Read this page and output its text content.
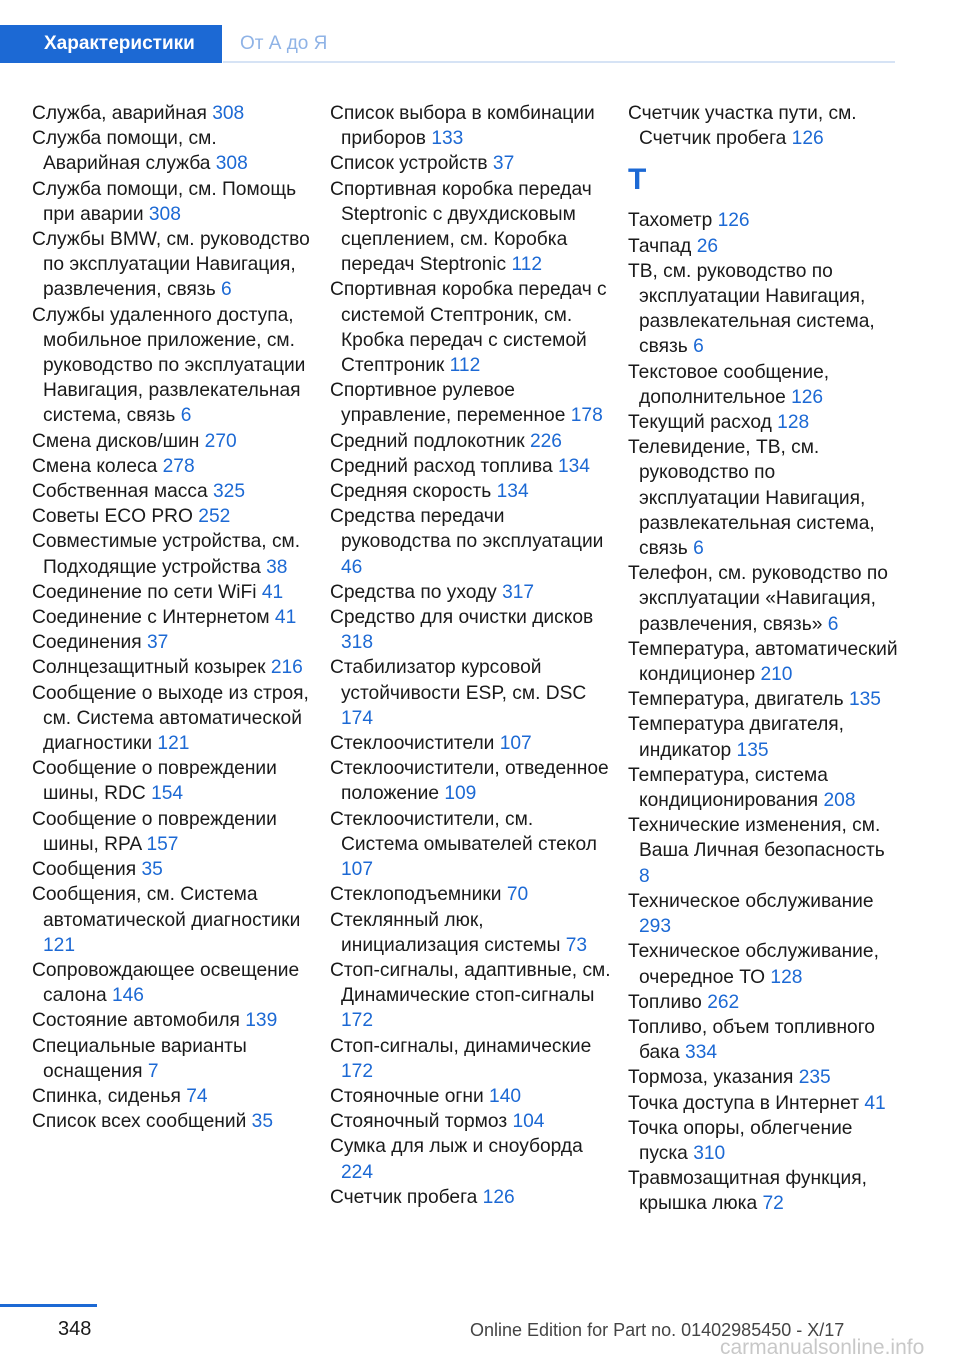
Характеристики	От А до Я

Служба, аварийная 308

Служба помощи, см. Аварийная служба 308

Служба помощи, см. Помощь при аварии 308

Службы BMW, см. руководство по эксплуатации Навигация, развлечения, связь 6

Службы удаленного доступа, мобильное приложение, см. руководство по эксплуатации Навигация, развлекательная система, связь 6

Смена дисков/шин 270

Смена колеса 278

Собственная масса 325

Советы ECO PRO 252

Совместимые устройства, см. Подходящие устройства 38

Соединение по сети WiFi 41

Соединение с Интернетом 41

Соединения 37

Солнцезащитный козырек 216

Сообщение о выходе из строя, см. Система автоматической диагностики 121

Сообщение о повреждении шины, RDC 154

Сообщение о повреждении шины, RPA 157

Сообщения 35

Сообщения, см. Система автоматической диагностики 121

Сопровождающее освещение салона 146

Состояние автомобиля 139

Специальные варианты оснащения 7

Спинка, сиденья 74

Список всех сообщений 35

Список выбора в комбинации приборов 133

Список устройств 37

Спортивная коробка передач Steptronic с двухдисковым сцеплением, см. Коробка передач Steptronic 112

Спортивная коробка передач с системой Стептроник, см. Кробка передач с системой Стептроник 112

Спортивное рулевое управление, переменное 178

Средний подлокотник 226

Средний расход топлива 134

Средняя скорость 134

Средства передачи руководства по эксплуатации 46

Средства по уходу 317

Средство для очистки дисков 318

Стабилизатор курсовой устойчивости ESP, см. DSC 174

Стеклоочистители 107

Стеклоочистители, отведенное положение 109

Стеклоочистители, см. Система омывателей стекол 107

Стеклоподъемники 70

Стеклянный люк, инициализация системы 73

Стоп-сигналы, адаптивные, см. Динамические стоп-сигналы 172

Стоп-сигналы, динамические 172

Стояночные огни 140

Стояночный тормоз 104

Сумка для лыж и сноуборда 224

Счетчик пробега 126

Счетчик участка пути, см. Счетчик пробега 126

Т

Тахометр 126

Тачпад 26

ТВ, см. руководство по эксплуатации Навигация, развлекательная система, связь 6

Текстовое сообщение, дополнительное 126

Текущий расход 128

Телевидение, ТВ, см. руководство по эксплуатации Навигация, развлекательная система, связь 6

Телефон, см. руководство по эксплуатации «Навигация, развлечения, связь» 6

Температура, автоматический кондиционер 210

Температура, двигатель 135

Температура двигателя, индикатор 135

Температура, система кондиционирования 208

Технические изменения, см. Ваша Личная безопасность 8

Техническое обслуживание 293

Техническое обслуживание, очередное ТО 128

Топливо 262

Топливо, объем топливного бака 334

Тормоза, указания 235

Точка доступа в Интернет 41

Точка опоры, облегчение пуска 310

Травмозащитная функция, крышка люка 72

348	Online Edition for Part no. 01402985450 - X/17
carmanualsonline.info
